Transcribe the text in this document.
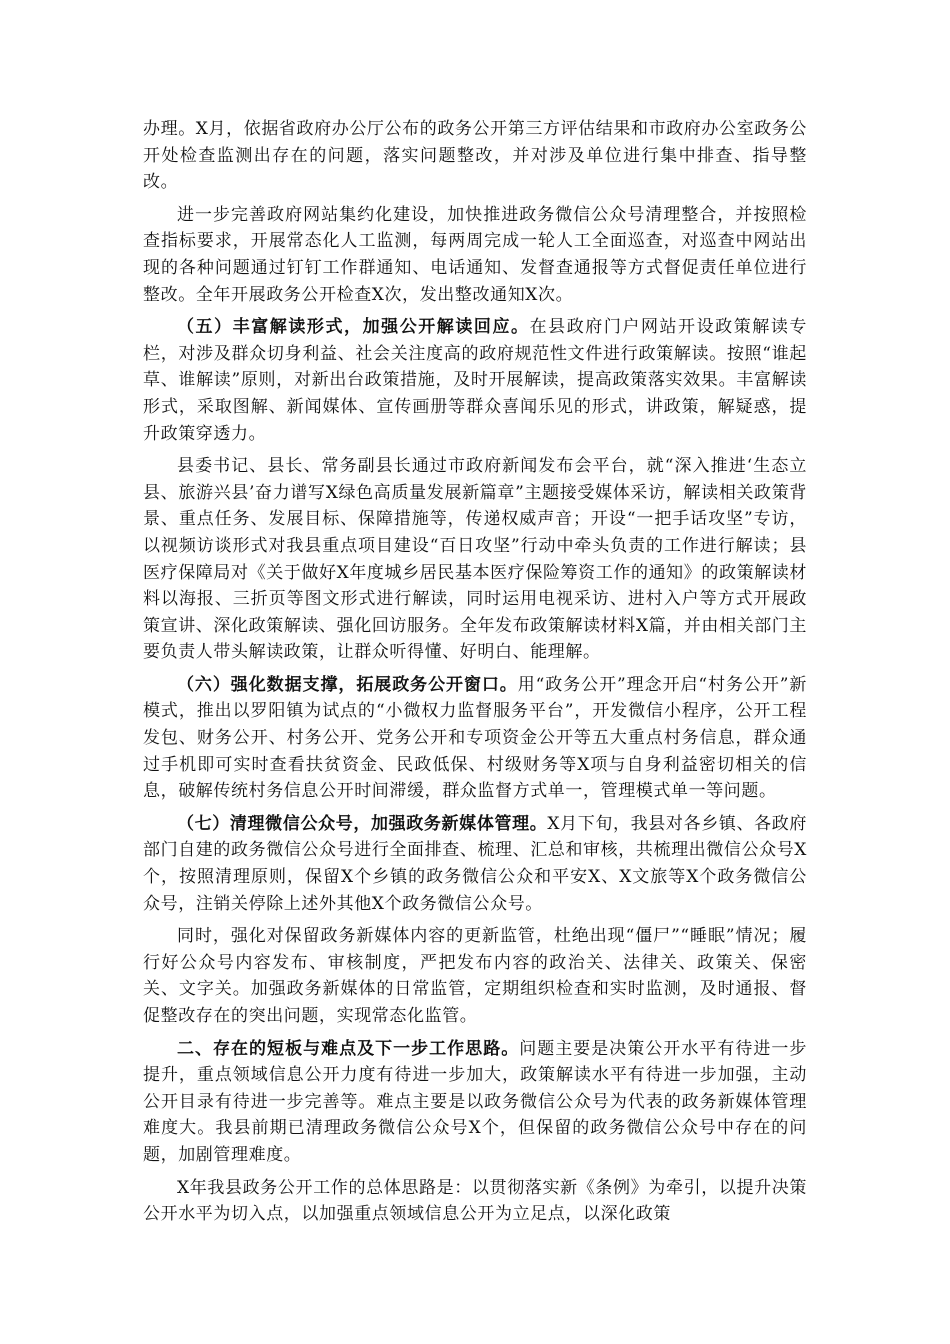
办理。X月，依据省政府办公厅公布的政务公开第三方评估结果和市政府办公室政务公开处检查监测出存在的问题，落实问题整改，并对涉及单位进行集中排查、指导整改。

进一步完善政府网站集约化建设，加快推进政务微信公众号清理整合，并按照检查指标要求，开展常态化人工监测，每两周完成一轮人工全面巡查，对巡查中网站出现的各种问题通过钉钉工作群通知、电话通知、发督查通报等方式督促责任单位进行整改。全年开展政务公开检查X次，发出整改通知X次。

（五）丰富解读形式，加强公开解读回应。在县政府门户网站开设政策解读专栏，对涉及群众切身利益、社会关注度高的政府规范性文件进行政策解读。按照“谁起草、谁解读”原则，对新出台政策措施，及时开展解读，提高政策落实效果。丰富解读形式，采取图解、新闻媒体、宣传画册等群众喜闻乐见的形式，讲政策，解疑惑，提升政策穿透力。

县委书记、县长、常务副县长通过市政府新闻发布会平台，就“深入推进‘生态立县、旅游兴县’奋力谱写X绿色高质量发展新篇章”主题接受媒体采访，解读相关政策背景、重点任务、发展目标、保障措施等，传递权威声音；开设“一把手话攻坚”专访，以视频访谈形式对我县重点项目建设“百日攻坚”行动中牵头负责的工作进行解读；县医疗保障局对《关于做好X年度城乡居民基本医疗保险筹资工作的通知》的政策解读材料以海报、三折页等图文形式进行解读，同时运用电视采访、进村入户等方式开展政策宣讲、深化政策解读、强化回访服务。全年发布政策解读材料X篇，并由相关部门主要负责人带头解读政策，让群众听得懂、好明白、能理解。

（六）强化数据支撑，拓展政务公开窗口。用“政务公开”理念开启“村务公开”新模式，推出以罗阳镇为试点的“小微权力监督服务平台”，开发微信小程序，公开工程发包、财务公开、村务公开、党务公开和专项资金公开等五大重点村务信息，群众通过手机即可实时查看扶贫资金、民政低保、村级财务等X项与自身利益密切相关的信息，破解传统村务信息公开时间滞缓，群众监督方式单一，管理模式单一等问题。

（七）清理微信公众号，加强政务新媒体管理。X月下旬，我县对各乡镇、各政府部门自建的政务微信公众号进行全面排查、梳理、汇总和审核，共梳理出微信公众号X个，按照清理原则，保留X个乡镇的政务微信公众和平安X、X文旅等X个政务微信公众号，注销关停除上述外其他X个政务微信公众号。

同时，强化对保留政务新媒体内容的更新监管，杜绝出现“僵尸”“睡眠”情况；履行好公众号内容发布、审核制度，严把发布内容的政治关、法律关、政策关、保密关、文字关。加强政务新媒体的日常监管，定期组织检查和实时监测，及时通报、督促整改存在的突出问题，实现常态化监管。

二、存在的短板与难点及下一步工作思路。问题主要是决策公开水平有待进一步提升，重点领域信息公开力度有待进一步加大，政策解读水平有待进一步加强，主动公开目录有待进一步完善等。难点主要是以政务微信公众号为代表的政务新媒体管理难度大。我县前期已清理政务微信公众号X个，但保留的政务微信公众号中存在的问题，加剧管理难度。

X年我县政务公开工作的总体思路是：以贯彻落实新《条例》为牵引，以提升决策公开水平为切入点，以加强重点领域信息公开为立足点，以深化政策
